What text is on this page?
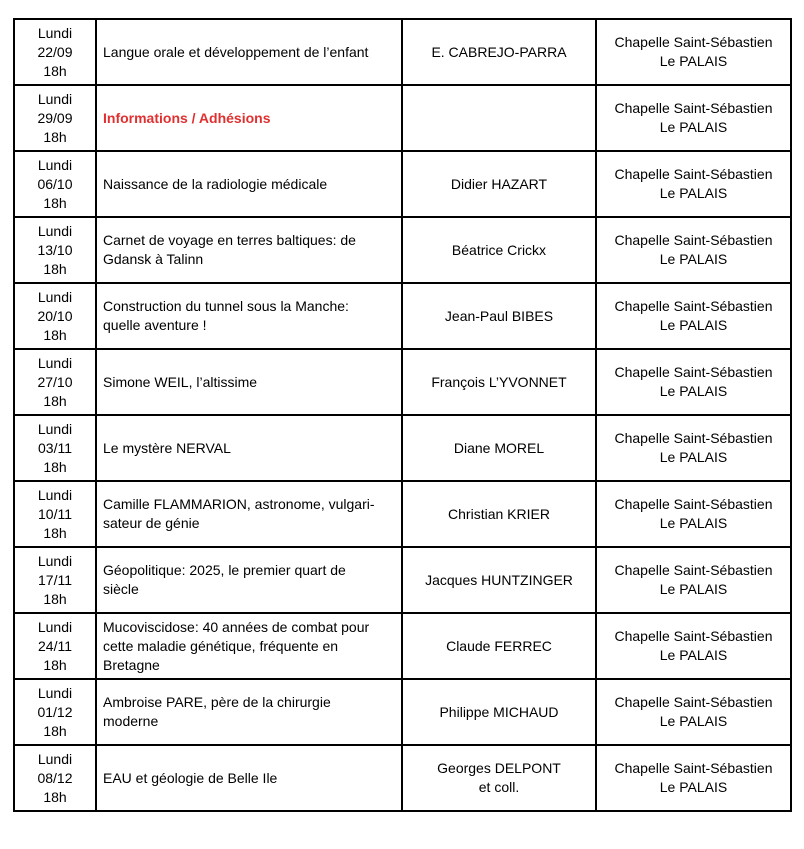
Lundi
22/09
18h	Langue orale et développement de l’enfant	E. CABREJO-PARRA	Chapelle Saint-Sébastien
Le PALAIS

Lundi
29/09
18h	Informations / Adhésions		Chapelle Saint-Sébastien
Le PALAIS

Lundi
06/10
18h	Naissance de la radiologie médicale	Didier HAZART	Chapelle Saint-Sébastien
Le PALAIS

Lundi
13/10
18h	Carnet de voyage en terres baltiques: de
Gdansk à Talinn	Béatrice Crickx	Chapelle Saint-Sébastien
Le PALAIS

Lundi
20/10
18h	Construction du tunnel sous la Manche:
quelle aventure !	Jean-Paul BIBES	Chapelle Saint-Sébastien
Le PALAIS

Lundi
27/10
18h	Simone WEIL, l’altissime	François L’YVONNET	Chapelle Saint-Sébastien
Le PALAIS

Lundi
03/11
18h	Le mystère NERVAL	Diane MOREL	Chapelle Saint-Sébastien
Le PALAIS

Lundi
10/11
18h	Camille FLAMMARION, astronome, vulgari-
sateur de génie	Christian KRIER	Chapelle Saint-Sébastien
Le PALAIS

Lundi
17/11
18h	Géopolitique: 2025, le premier quart de
siècle	Jacques HUNTZINGER	Chapelle Saint-Sébastien
Le PALAIS

Lundi
24/11
18h	Mucoviscidose: 40 années de combat pour
cette maladie génétique, fréquente en
Bretagne	Claude FERREC	Chapelle Saint-Sébastien
Le PALAIS

Lundi
01/12
18h	Ambroise PARE, père de la chirurgie
moderne	Philippe MICHAUD	Chapelle Saint-Sébastien
Le PALAIS

Lundi
08/12
18h	EAU et géologie de Belle Ile	Georges DELPONT
et coll.	Chapelle Saint-Sébastien
Le PALAIS
